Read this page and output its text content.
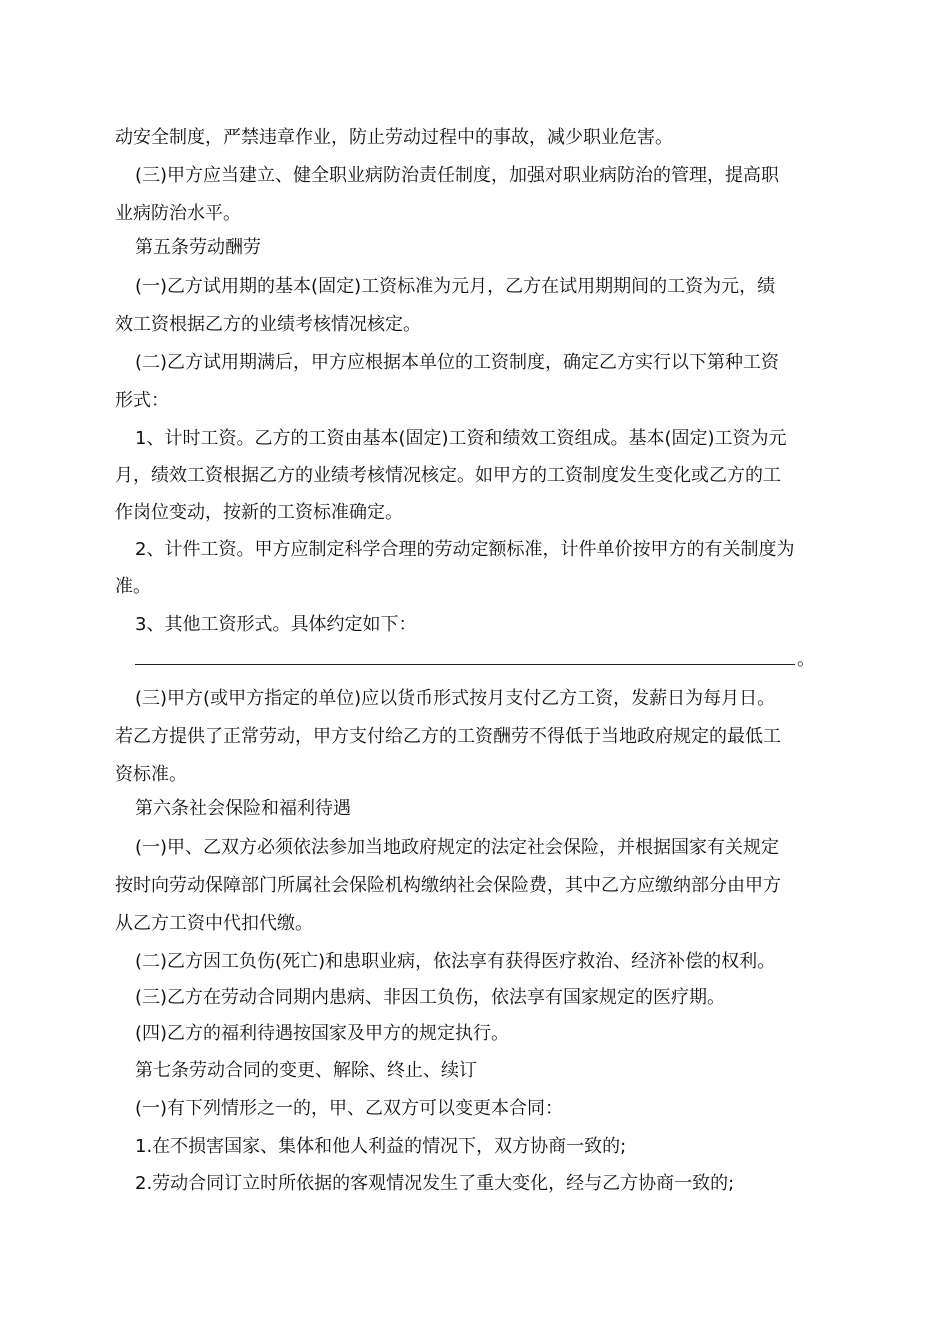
动安全制度，严禁违章作业，防止劳动过程中的事故，减少职业危害。
(三)甲方应当建立、健全职业病防治责任制度，加强对职业病防治的管理，提高职
业病防治水平。
第五条劳动酬劳
(一)乙方试用期的基本(固定)工资标准为元月，乙方在试用期期间的工资为元，绩
效工资根据乙方的业绩考核情况核定。
(二)乙方试用期满后，甲方应根据本单位的工资制度，确定乙方实行以下第种工资
形式：
1、计时工资。乙方的工资由基本(固定)工资和绩效工资组成。基本(固定)工资为元
月，绩效工资根据乙方的业绩考核情况核定。如甲方的工资制度发生变化或乙方的工
作岗位变动，按新的工资标准确定。
2、计件工资。甲方应制定科学合理的劳动定额标准，计件单价按甲方的有关制度为
准。
3、其他工资形式。具体约定如下：
。
(三)甲方(或甲方指定的单位)应以货币形式按月支付乙方工资，发薪日为每月日。
若乙方提供了正常劳动，甲方支付给乙方的工资酬劳不得低于当地政府规定的最低工
资标准。
第六条社会保险和福利待遇
(一)甲、乙双方必须依法参加当地政府规定的法定社会保险，并根据国家有关规定
按时向劳动保障部门所属社会保险机构缴纳社会保险费，其中乙方应缴纳部分由甲方
从乙方工资中代扣代缴。
(二)乙方因工负伤(死亡)和患职业病，依法享有获得医疗救治、经济补偿的权利。
(三)乙方在劳动合同期内患病、非因工负伤，依法享有国家规定的医疗期。
(四)乙方的福利待遇按国家及甲方的规定执行。
第七条劳动合同的变更、解除、终止、续订
(一)有下列情形之一的，甲、乙双方可以变更本合同：
1.在不损害国家、集体和他人利益的情况下，双方协商一致的;
2.劳动合同订立时所依据的客观情况发生了重大变化，经与乙方协商一致的;
